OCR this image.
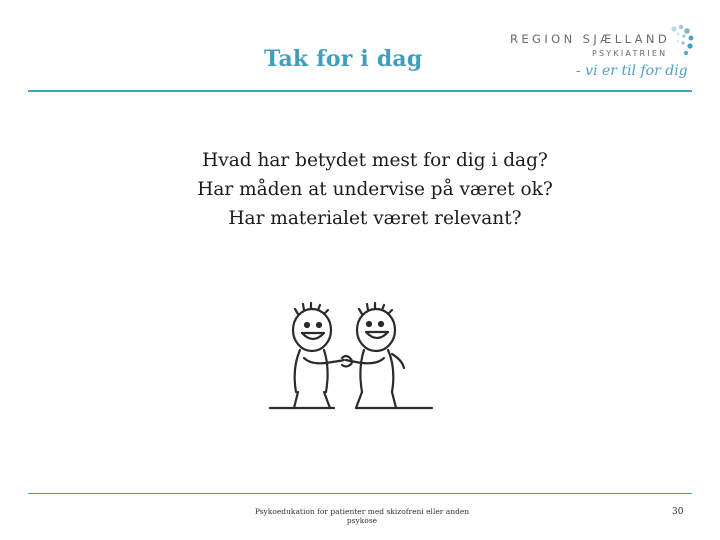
Tak for i dag
REGION SJÆLLAND
PSYKIATRIEN
- vi er til for dig
Hvad har betydet mest for dig i dag?
Har måden at undervise på været ok?
Har materialet været relevant?
Psykoedukation for patienter med skizofreni eller anden
psykose
30
